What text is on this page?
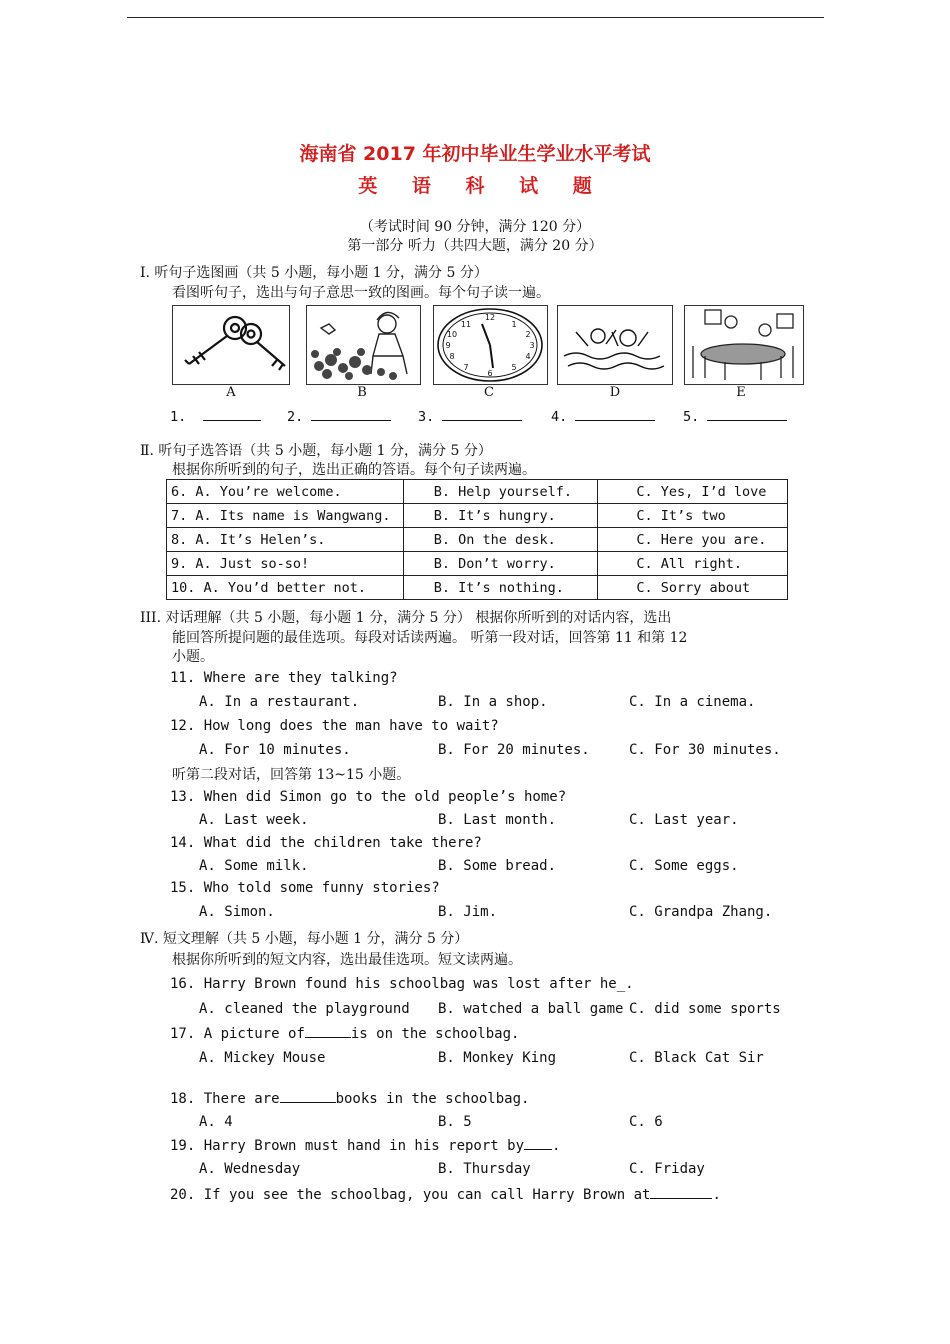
海南省 2017 年初中毕业生学业水平考试
英 语 科 试 题
（考试时间 90 分钟，满分 120 分）
第一部分 听力（共四大题，满分 20 分）
Ⅰ. 听句子选图画（共 5 小题，每小题 1 分，满分 5 分）
看图听句子，选出与句子意思一致的图画。每个句子读一遍。
12
1
2
3
4
5
6
7
8
9
10
11
A	B	C	D	E
1.	2.	3.	4.	5.
Ⅱ. 听句子选答语（共 5 小题，每小题 1 分，满分 5 分）
根据你所听到的句子，选出正确的答语。每个句子读两遍。
6. A. You’re welcome.	B. Help yourself.	C. Yes, I’d love
7. A. Its name is Wangwang.	B. It’s hungry.	C. It’s two
8. A. It’s Helen’s.	B. On the desk.	C. Here you are.
9. A. Just so-so!	B. Don’t worry.	C. All right.
10. A. You’d better not.	B. It’s nothing.	C. Sorry about
III. 对话理解（共 5 小题，每小题 1 分，满分 5 分） 根据你所听到的对话内容，选出
能回答所提问题的最佳选项。每段对话读两遍。 听第一段对话，回答第 11 和第 12
小题。
11. Where are they talking?
A. In a restaurant.	B. In a shop.	C. In a cinema.
12. How long does the man have to wait?
A. For 10 minutes.	B. For 20 minutes.	C. For 30 minutes.
听第二段对话，回答第 13~15 小题。
13. When did Simon go to the old people’s home?
A. Last week.	B. Last month.	C. Last year.
14. What did the children take there?
A. Some milk.	B. Some bread.	C. Some eggs.
15. Who told some funny stories?
A. Simon.	B. Jim.	C. Grandpa Zhang.
Ⅳ. 短文理解（共 5 小题，每小题 1 分，满分 5 分）
根据你所听到的短文内容，选出最佳选项。短文读两遍。
16. Harry Brown found his schoolbag was lost after he_.
A. cleaned the playground B. watched a ball game C. did some sports
17. A picture of	is on the schoolbag.
A. Mickey Mouse	B. Monkey King	C. Black Cat Sir
18. There are	books in the schoolbag.
A. 4	B. 5	C. 6
19. Harry Brown must hand in his report by .
A. Wednesday	B. Thursday	C. Friday
20. If you see the schoolbag, you can call Harry Brown at	.
